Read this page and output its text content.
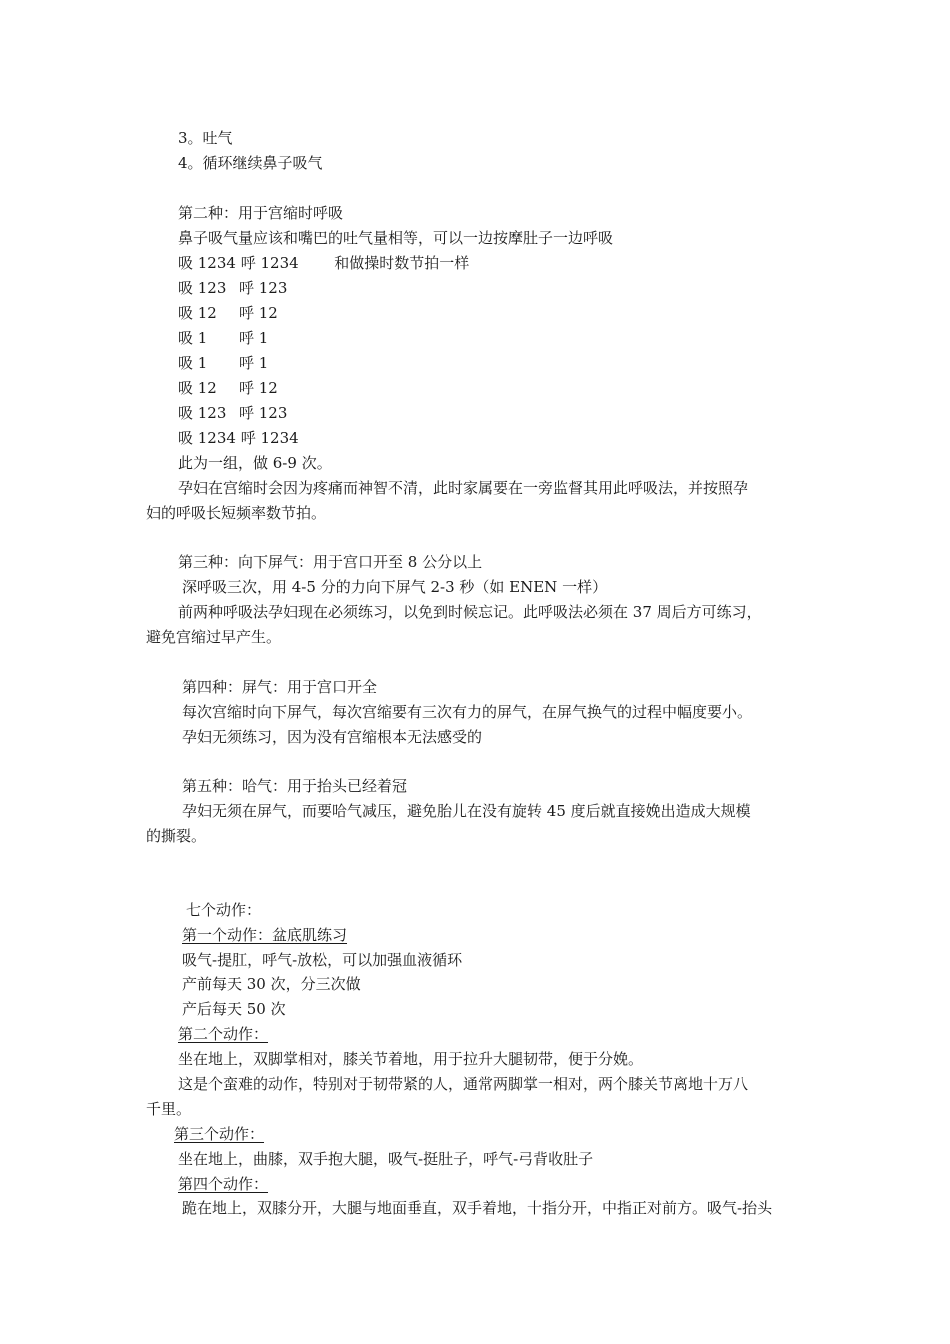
3。吐气
4。循环继续鼻子吸气
第二种：用于宫缩时呼吸
鼻子吸气量应该和嘴巴的吐气量相等，可以一边按摩肚子一边呼吸
吸 1234 呼 1234 和做操时数节拍一样
吸 123 呼 123
吸 12 呼 12
吸 1 呼 1
吸 1 呼 1
吸 12 呼 12
吸 123 呼 123
吸 1234 呼 1234
此为一组，做 6-9 次。
孕妇在宫缩时会因为疼痛而神智不清，此时家属要在一旁监督其用此呼吸法，并按照孕
妇的呼吸长短频率数节拍。
第三种：向下屏气：用于宫口开至 8 公分以上
深呼吸三次，用 4-5 分的力向下屏气 2-3 秒（如 ENEN 一样）
前两种呼吸法孕妇现在必须练习，以免到时候忘记。此呼吸法必须在 37 周后方可练习，
避免宫缩过早产生。
第四种：屏气：用于宫口开全
每次宫缩时向下屏气，每次宫缩要有三次有力的屏气，在屏气换气的过程中幅度要小。
孕妇无须练习，因为没有宫缩根本无法感受的
第五种：哈气：用于抬头已经着冠
孕妇无须在屏气，而要哈气减压，避免胎儿在没有旋转 45 度后就直接娩出造成大规模
的撕裂。
七个动作：
第一个动作：盆底肌练习
吸气-提肛，呼气-放松，可以加强血液循环
产前每天 30 次，分三次做
产后每天 50 次
第二个动作：
坐在地上，双脚掌相对，膝关节着地，用于拉升大腿韧带，便于分娩。
这是个蛮难的动作，特别对于韧带紧的人，通常两脚掌一相对，两个膝关节离地十万八
千里。
第三个动作：
坐在地上，曲膝，双手抱大腿，吸气-挺肚子，呼气-弓背收肚子
第四个动作：
跪在地上，双膝分开，大腿与地面垂直，双手着地，十指分开，中指正对前方。吸气-抬头
